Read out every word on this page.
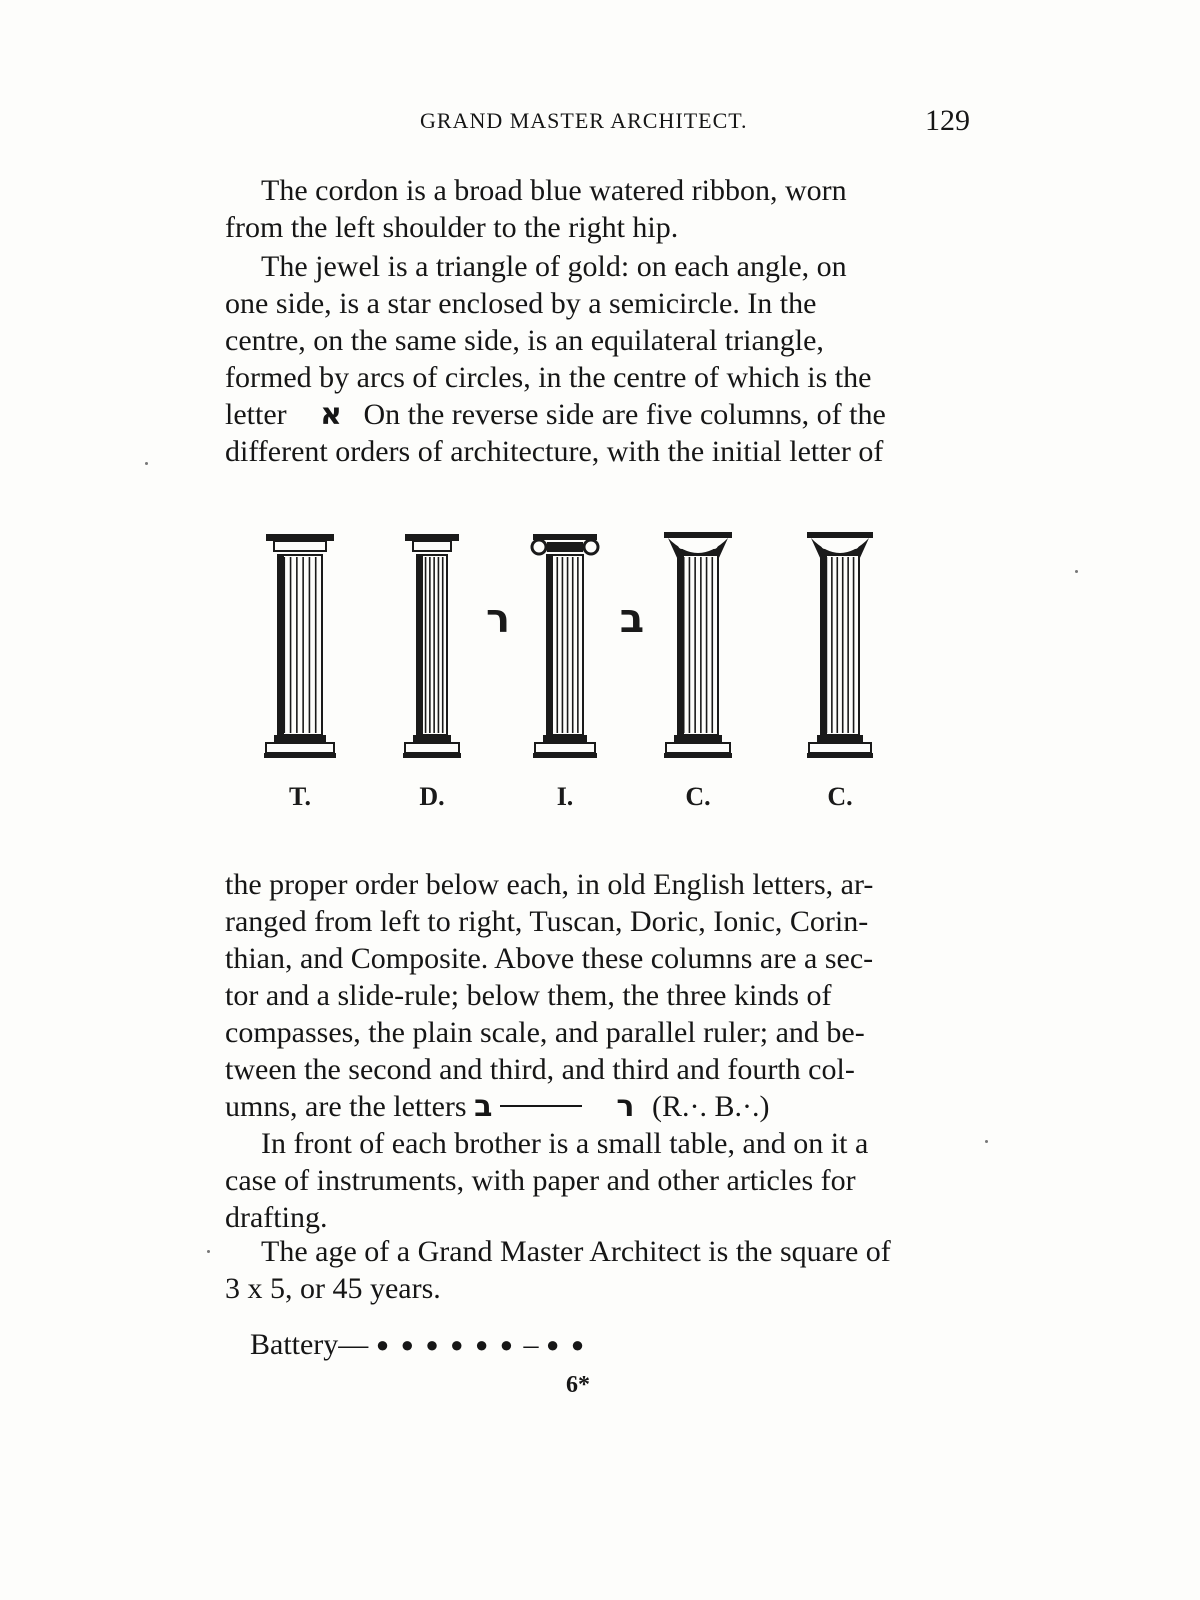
GRAND MASTER ARCHITECT.	129

The cordon is a broad blue watered ribbon, worn

from the left shoulder to the right hip.

The jewel is a triangle of gold: on each angle, on

one side, is a star enclosed by a semicircle. In the

centre, on the same side, is an equilateral triangle,

formed by arcs of circles, in the centre of which is the

letter א On the reverse side are five columns, of the

different orders of architecture, with the initial letter of

T.	D.	I.	C.	C.
ר	ב

the proper order below each, in old English letters, ar-

ranged from left to right, Tuscan, Doric, Ionic, Corin-

thian, and Composite. Above these columns are a sec-

tor and a slide-rule; below them, the three kinds of

compasses, the plain scale, and parallel ruler; and be-

tween the second and third, and third and fourth col-

umns, are the letters	רב	(R.·. B.·.)

In front of each brother is a small table, and on it a

case of instruments, with paper and other articles for

drafting.

The age of a Grand Master Architect is the square of

3 x 5, or 45 years.

Battery— ● ● ● ● ● ● – ● ●
6*
